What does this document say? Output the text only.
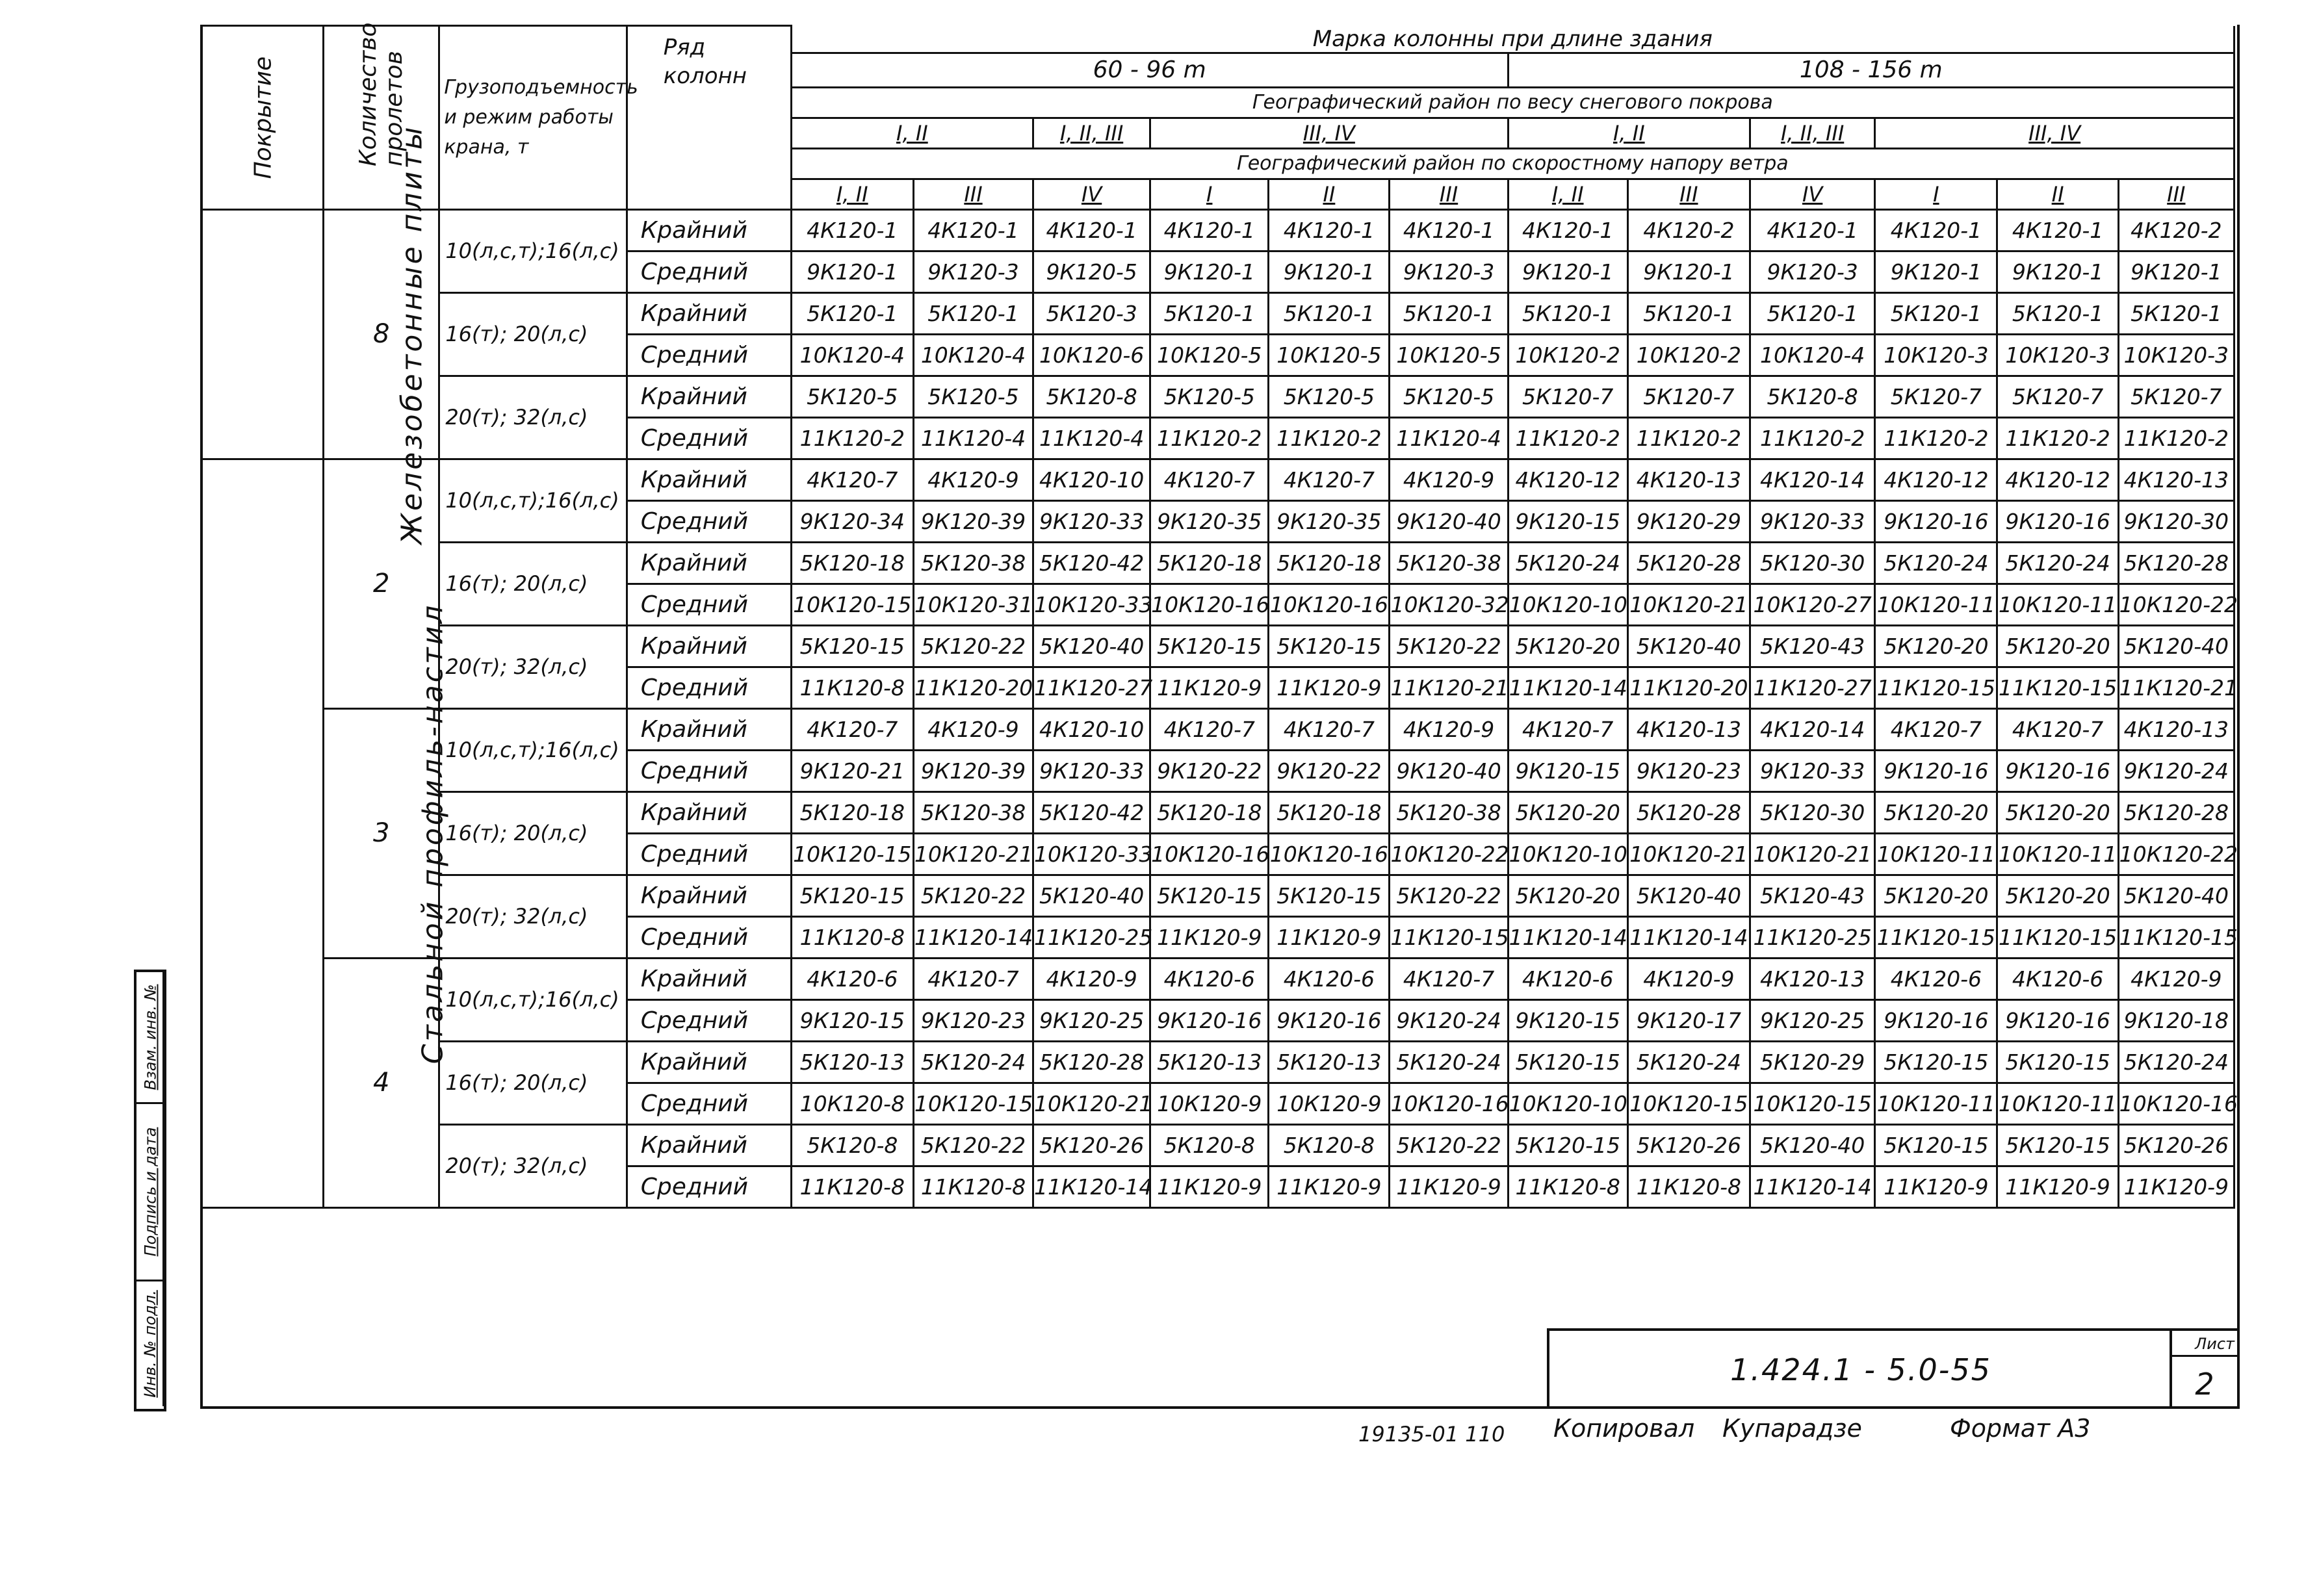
Покрытие	Количество пролетов	Грузоподъемность и режим работы крана, т	Ряд колонн	Марка колонны при длине здания											
				60 - 96 m						108 - 156 m					
				Географический район по весу снегового покрова											
				I, II		I, II, III	III, IV			I, II		I, II, III	III, IV		
				Географический район по скоростному напору ветра											
				I, II	III	IV	I	II	III	I, II	III	IV	I	II	III
Железобетонные плиты	8	10(л,с,т);16(л,с)	Крайний	4К120-1	4К120-1	4К120-1	4К120-1	4К120-1	4К120-1	4К120-1	4К120-2	4К120-1	4К120-1	4К120-1	4К120-2
			Средний	9К120-1	9К120-3	9К120-5	9К120-1	9К120-1	9К120-3	9К120-1	9К120-1	9К120-3	9К120-1	9К120-1	9К120-1
		16(т); 20(л,с)	Крайний	5К120-1	5К120-1	5К120-3	5К120-1	5К120-1	5К120-1	5К120-1	5К120-1	5К120-1	5К120-1	5К120-1	5К120-1
			Средний	10К120-4	10К120-4	10К120-6	10К120-5	10К120-5	10К120-5	10К120-2	10К120-2	10К120-4	10К120-3	10К120-3	10К120-3
		20(т); 32(л,с)	Крайний	5К120-5	5К120-5	5К120-8	5К120-5	5К120-5	5К120-5	5К120-7	5К120-7	5К120-8	5К120-7	5К120-7	5К120-7
			Средний	11К120-2	11К120-4	11К120-4	11К120-2	11К120-2	11К120-4	11К120-2	11К120-2	11К120-2	11К120-2	11К120-2	11К120-2
Стальной профиль-настил	2	10(л,с,т);16(л,с)	Крайний	4К120-7	4К120-9	4К120-10	4К120-7	4К120-7	4К120-9	4К120-12	4К120-13	4К120-14	4К120-12	4К120-12	4К120-13
			Средний	9К120-34	9К120-39	9К120-33	9К120-35	9К120-35	9К120-40	9К120-15	9К120-29	9К120-33	9К120-16	9К120-16	9К120-30
		16(т); 20(л,с)	Крайний	5К120-18	5К120-38	5К120-42	5К120-18	5К120-18	5К120-38	5К120-24	5К120-28	5К120-30	5К120-24	5К120-24	5К120-28
			Средний	10К120-15	10К120-31	10К120-33	10К120-16	10К120-16	10К120-32	10К120-10	10К120-21	10К120-27	10К120-11	10К120-11	10К120-22
		20(т); 32(л,с)	Крайний	5К120-15	5К120-22	5К120-40	5К120-15	5К120-15	5К120-22	5К120-20	5К120-40	5К120-43	5К120-20	5К120-20	5К120-40
			Средний	11К120-8	11К120-20	11К120-27	11К120-9	11К120-9	11К120-21	11К120-14	11К120-20	11К120-27	11К120-15	11К120-15	11К120-21
	3	10(л,с,т);16(л,с)	Крайний	4К120-7	4К120-9	4К120-10	4К120-7	4К120-7	4К120-9	4К120-7	4К120-13	4К120-14	4К120-7	4К120-7	4К120-13
			Средний	9К120-21	9К120-39	9К120-33	9К120-22	9К120-22	9К120-40	9К120-15	9К120-23	9К120-33	9К120-16	9К120-16	9К120-24
		16(т); 20(л,с)	Крайний	5К120-18	5К120-38	5К120-42	5К120-18	5К120-18	5К120-38	5К120-20	5К120-28	5К120-30	5К120-20	5К120-20	5К120-28
			Средний	10К120-15	10К120-21	10К120-33	10К120-16	10К120-16	10К120-22	10К120-10	10К120-21	10К120-21	10К120-11	10К120-11	10К120-22
		20(т); 32(л,с)	Крайний	5К120-15	5К120-22	5К120-40	5К120-15	5К120-15	5К120-22	5К120-20	5К120-40	5К120-43	5К120-20	5К120-20	5К120-40
			Средний	11К120-8	11К120-14	11К120-25	11К120-9	11К120-9	11К120-15	11К120-14	11К120-14	11К120-25	11К120-15	11К120-15	11К120-15
	4	10(л,с,т);16(л,с)	Крайний	4К120-6	4К120-7	4К120-9	4К120-6	4К120-6	4К120-7	4К120-6	4К120-9	4К120-13	4К120-6	4К120-6	4К120-9
			Средний	9К120-15	9К120-23	9К120-25	9К120-16	9К120-16	9К120-24	9К120-15	9К120-17	9К120-25	9К120-16	9К120-16	9К120-18
		16(т); 20(л,с)	Крайний	5К120-13	5К120-24	5К120-28	5К120-13	5К120-13	5К120-24	5К120-15	5К120-24	5К120-29	5К120-15	5К120-15	5К120-24
			Средний	10К120-8	10К120-15	10К120-21	10К120-9	10К120-9	10К120-16	10К120-10	10К120-15	10К120-15	10К120-11	10К120-11	10К120-16
		20(т); 32(л,с)	Крайний	5К120-8	5К120-22	5К120-26	5К120-8	5К120-8	5К120-22	5К120-15	5К120-26	5К120-40	5К120-15	5К120-15	5К120-26
			Средний	11К120-8	11К120-8	11К120-14	11К120-9	11К120-9	11К120-9	11К120-8	11К120-8	11К120-14	11К120-9	11К120-9	11К120-9
Взам. инв. №
Подпись и дата
Инв. № подл.	1.424.1 - 5.0-55
Лист
2
19135-01 110 Копировал Купарадзе	Формат А3
